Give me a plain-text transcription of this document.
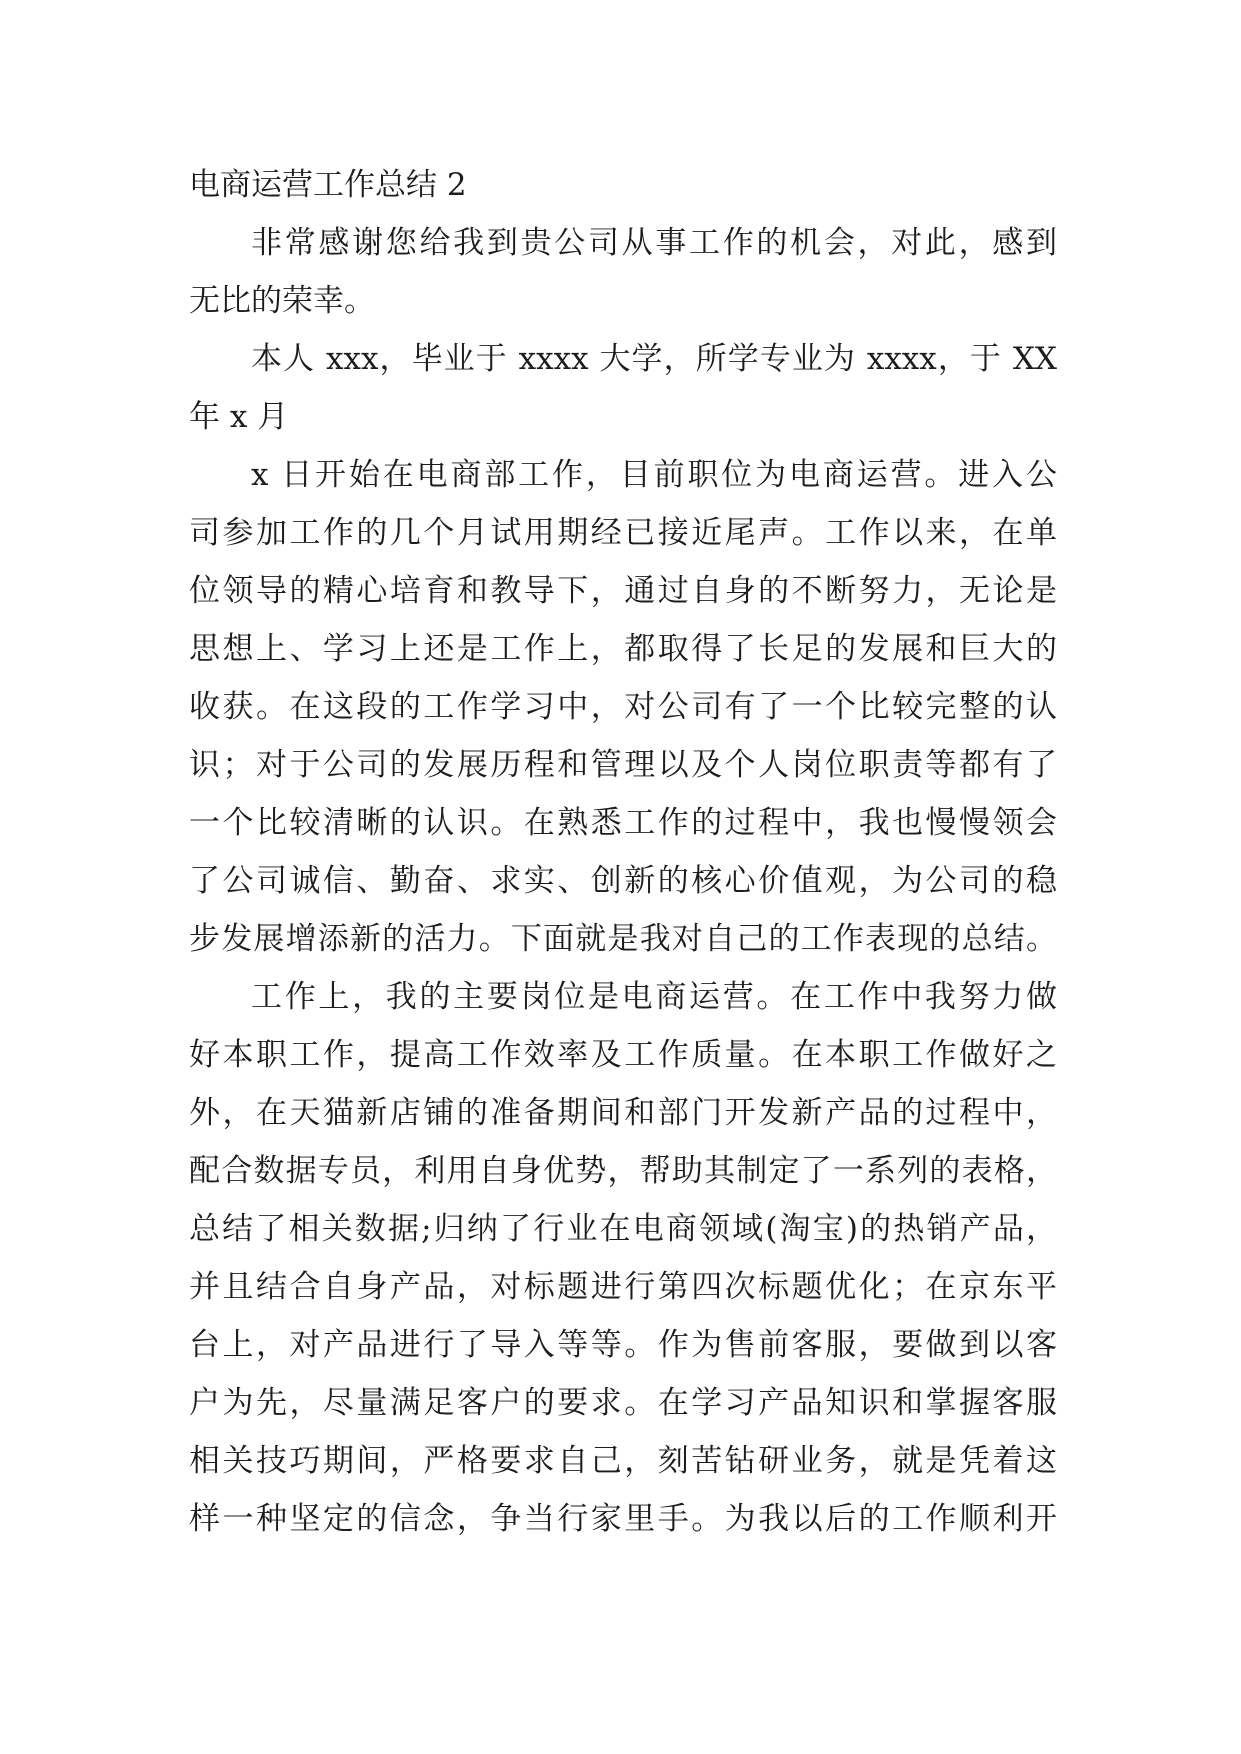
电商运营工作总结 2
非常感谢您给我到贵公司从事工作的机会，对此，感到
无比的荣幸。
本人 xxx，毕业于 xxxx 大学，所学专业为 xxxx，于 XX
年 x 月
x 日开始在电商部工作，目前职位为电商运营。进入公
司参加工作的几个月试用期经已接近尾声。工作以来，在单
位领导的精心培育和教导下，通过自身的不断努力，无论是
思想上、学习上还是工作上，都取得了长足的发展和巨大的
收获。在这段的工作学习中，对公司有了一个比较完整的认
识；对于公司的发展历程和管理以及个人岗位职责等都有了
一个比较清晰的认识。在熟悉工作的过程中，我也慢慢领会
了公司诚信、勤奋、求实、创新的核心价值观，为公司的稳
步发展增添新的活力。下面就是我对自己的工作表现的总结。
工作上，我的主要岗位是电商运营。在工作中我努力做
好本职工作，提高工作效率及工作质量。在本职工作做好之
外，在天猫新店铺的准备期间和部门开发新产品的过程中，
配合数据专员，利用自身优势，帮助其制定了一系列的表格，
总结了相关数据;归纳了行业在电商领域(淘宝)的热销产品，
并且结合自身产品，对标题进行第四次标题优化；在京东平
台上，对产品进行了导入等等。作为售前客服，要做到以客
户为先，尽量满足客户的要求。在学习产品知识和掌握客服
相关技巧期间，严格要求自己，刻苦钻研业务，就是凭着这
样一种坚定的信念，争当行家里手。为我以后的工作顺利开
